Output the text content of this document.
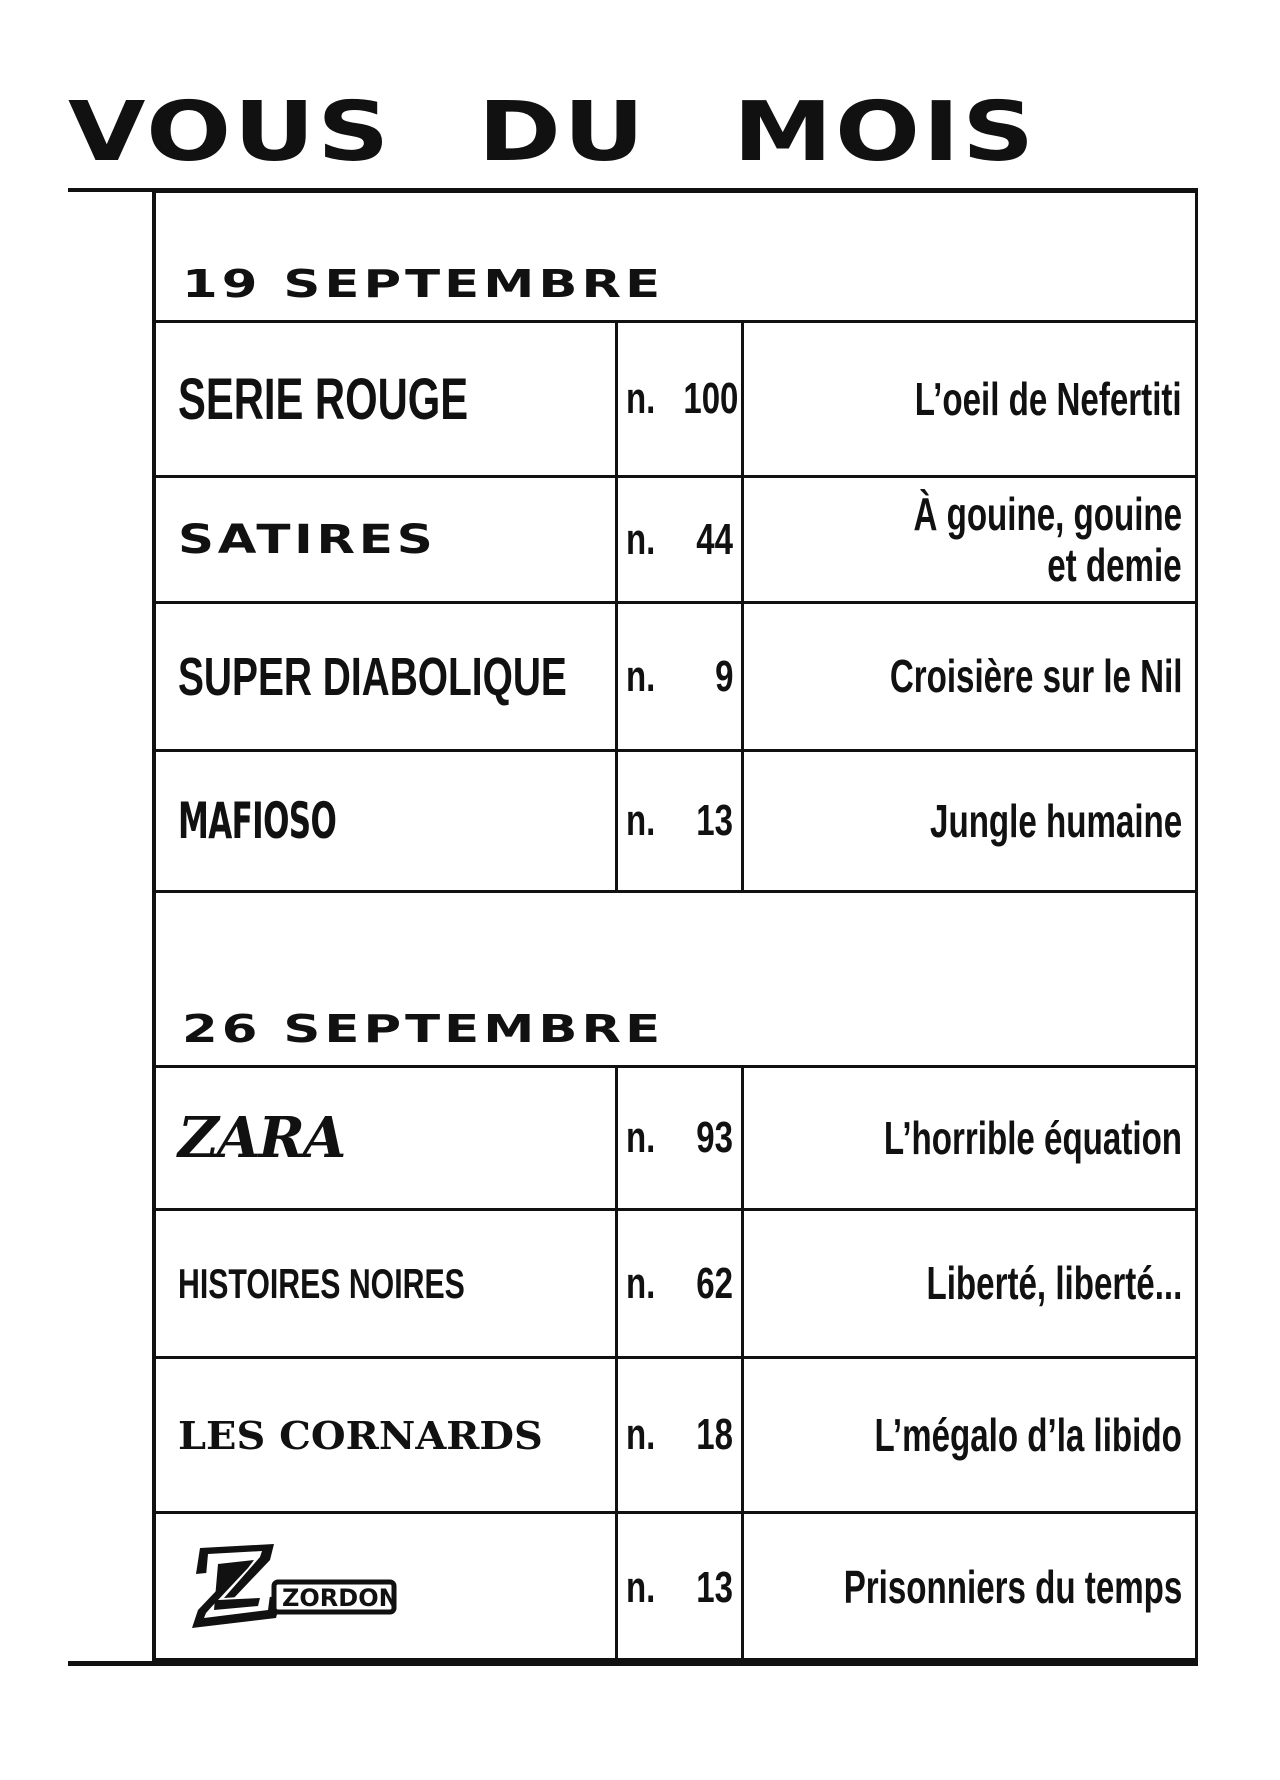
VOUS DU MOIS
19 SEPTEMBRE
SERIE ROUGE	n. 100	L’oeil de Nefertiti
SATIRES	n. 44	À gouine, gouine
et demie
SUPER DIABOLIQUE n. 9	Croisière sur le Nil
MAFIOSO	n. 13	Jungle humaine
26 SEPTEMBRE
ZARA	n. 93	L’horrible équation
HISTOIRES NOIRES	n. 62	Liberté, liberté...
LES CORNARDS n. 18	L’mégalo d’la libido
ZORDON	n. 13 Prisonniers du temps
